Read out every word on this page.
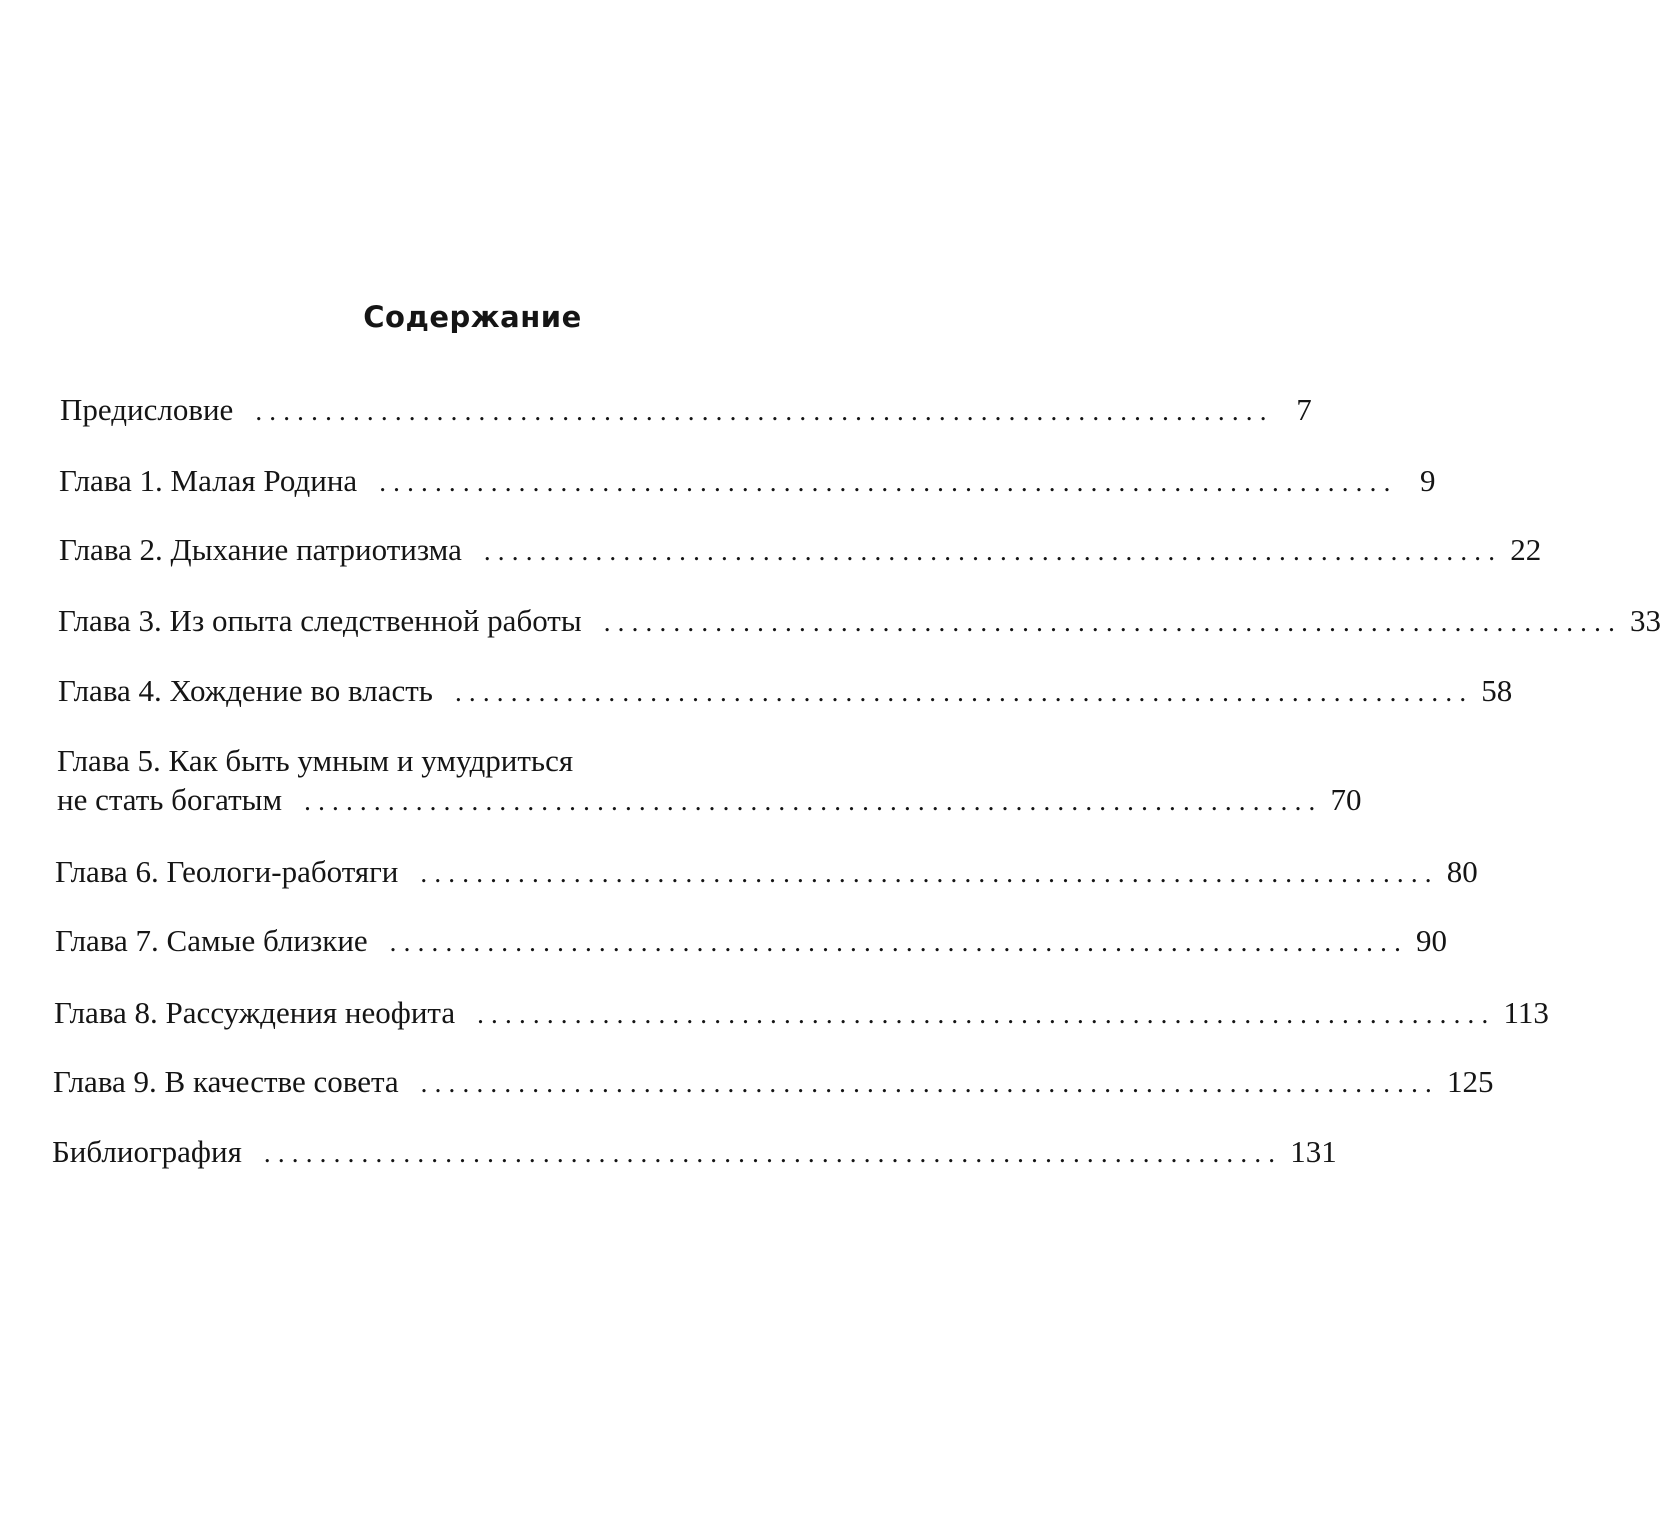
Содержание
Предисловие ......................................................................... 7
Глава 1. Малая Родина ......................................................................... 9
Глава 2. Дыхание патриотизма ......................................................................... 22
Глава 3. Из опыта следственной работы ......................................................................... 33
Глава 4. Хождение во власть ......................................................................... 58
Глава 5. Как быть умным и умудриться
не стать богатым ......................................................................... 70
Глава 6. Геологи-работяги ......................................................................... 80
Глава 7. Самые близкие ......................................................................... 90
Глава 8. Рассуждения неофита ......................................................................... 113
Глава 9. В качестве совета ......................................................................... 125
Библиография ......................................................................... 131
